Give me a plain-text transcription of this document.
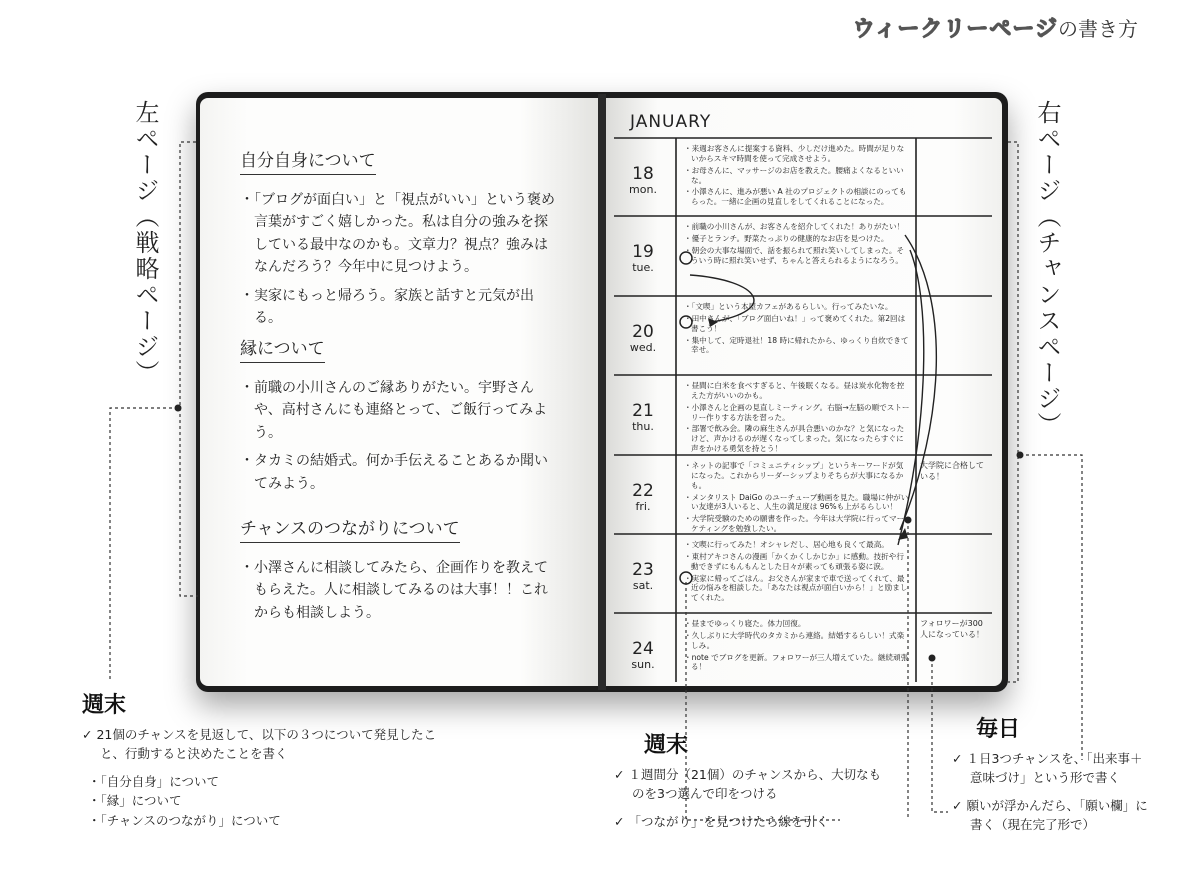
ウィークリーページの書き方
左ページ（戦略ページ）	右ページ（チャンスページ）
自分自身について

・ 「ブログが面白い」と「視点がいい」という褒め言葉がすごく嬉しかった。私は自分の強みを探している最中なのかも。文章力？視点？強みはなんだろう？今年中に見つけよう。

・ 実家にもっと帰ろう。家族と話すと元気が出る。

縁について

・ 前職の小川さんのご縁ありがたい。宇野さんや、高村さんにも連絡とって、ご飯行ってみよう。

・ タカミの結婚式。何か手伝えることあるか聞いてみよう。

チャンスのつながりについて

・ 小澤さんに相談してみたら、企画作りを教えてもらえた。人に相談してみるのは大事！！これからも相談しよう。

JANUARY
18
mon.

・ 来週お客さんに提案する資料、少しだけ進めた。時間が足りないからスキマ時間を使って完成させよう。

・ お母さんに、マッサージのお店を教えた。腰痛よくなるといいな。

・ 小澤さんに、進みが悪い A 社のプロジェクトの相談にのってもらった。一緒に企画の見直しをしてくれることになった。

19
tue.

・ 前職の小川さんが、お客さんを紹介してくれた！ありがたい！

・ 優子とランチ。野菜たっぷりの健康的なお店を見つけた。

・ 朝会の大事な場面で、話を振られて照れ笑いしてしまった。そういう時に照れ笑いせず、ちゃんと答えられるようになろう。

20
wed.

・ 「文喫」という本屋カフェがあるらしい。行ってみたいな。

・ 田中さんが、「ブログ面白いね！」って褒めてくれた。第2回は書こう！

・ 集中して、定時退社！18 時に帰れたから、ゆっくり自炊できて幸せ。

21
thu.

・ 昼間に白米を食べすぎると、午後眠くなる。昼は炭水化物を控えた方がいいのかも。

・ 小澤さんと企画の見直しミーティング。右脳→左脳の順でストーリー作りする方法を習った。

・ 部署で飲み会。隣の麻生さんが具合悪いのかな？と気になったけど、声かけるのが遅くなってしまった。気になったらすぐに声をかける勇気を持とう！

22
fri.

・ ネットの記事で「コミュニティシップ」というキーワードが気になった。これからリーダーシップよりそちらが大事になるかも。

・ メンタリスト DaiGo のユーチューブ動画を見た。職場に仲がいい友達が3人いると、人生の満足度は 96%も上がるらしい！

・ 大学院受験のための願書を作った。今年は大学院に行ってマーケティングを勉強したい。

大学院に合格している！
23
sat.

・ 文喫に行ってみた！オシャレだし、居心地も良くて最高。

・ 東村アキコさんの漫画「かくかくしかじか」に感動。技折や行動できずにもんもんとした日々が素っても頑張る姿に涙。

・ 実家に帰ってごはん。お父さんが家まで車で送ってくれて、最近の悩みを相談した。「あなたは視点が面白いから！」と励ましてくれた。

24
sun.

・ 昼までゆっくり寝た。体力回復。

・ 久しぶりに大学時代のタカミから連絡。結婚するらしい！式楽しみ。

・ note でブログを更新。フォロワーが三人増えていた。継続頑張る！

フォロワーが300 人になっている！
週末
✓ 21個のチャンスを見返して、以下の３つについて発見したこと、行動すると決めたことを書く
・「自分自身」について
・「縁」について
・「チャンスのつながり」について
週末
✓ １週間分（21個）のチャンスから、大切なものを3つ選んで印をつける
✓ 「つながり」を見つけたら線を引く
毎日
✓ １日3つチャンスを、「出来事＋意味づけ」という形で書く
✓ 願いが浮かんだら、「願い欄」に書く（現在完了形で）
